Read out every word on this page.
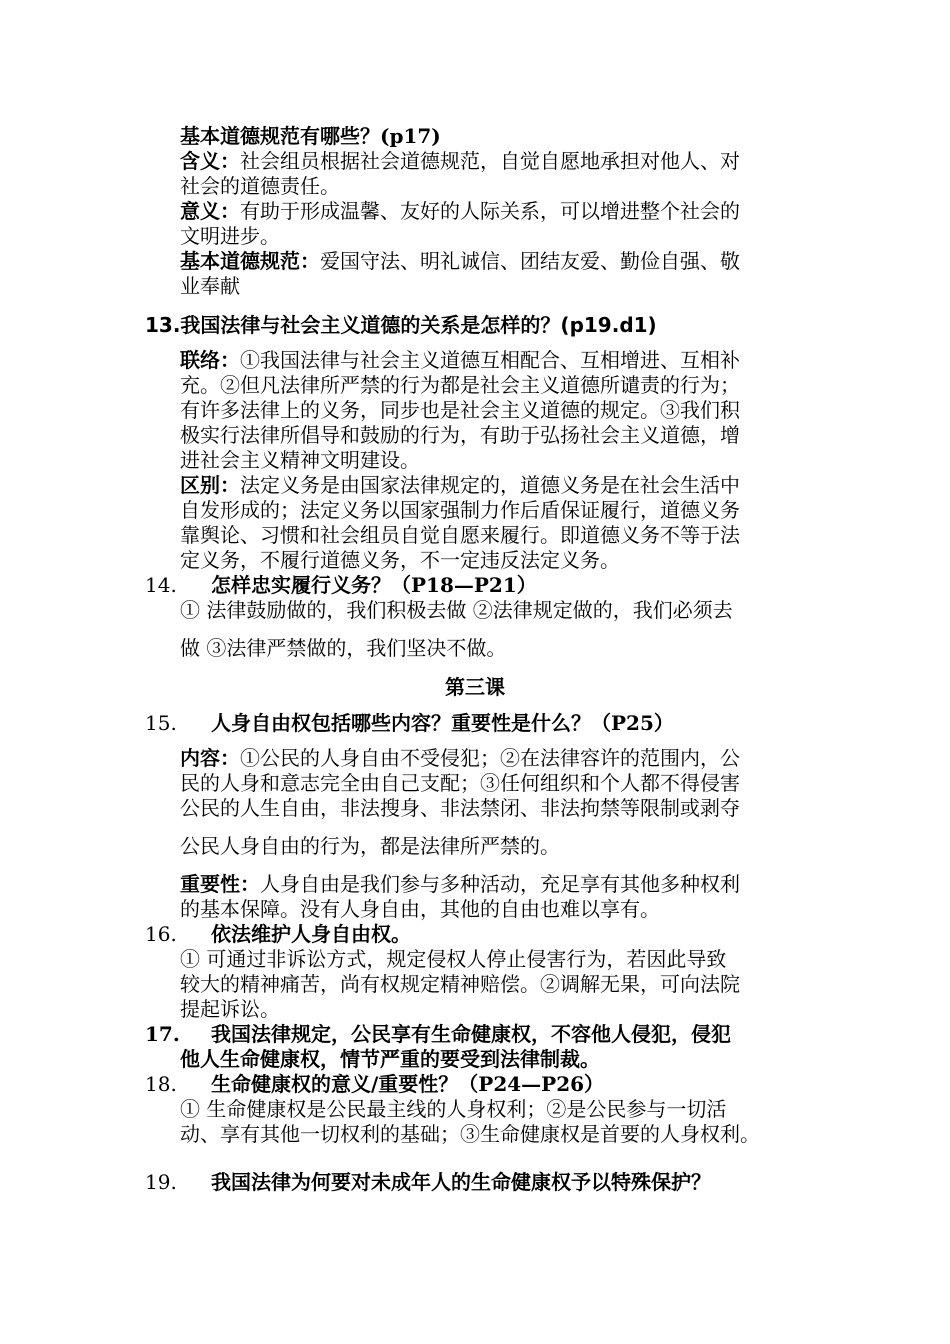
基本道德规范有哪些？(p17)
含义：社会组员根据社会道德规范，自觉自愿地承担对他人、对
社会的道德责任。
意义：有助于形成温馨、友好的人际关系，可以增进整个社会的
文明进步。
基本道德规范：爱国守法、明礼诚信、团结友爱、勤俭自强、敬
业奉献
13.我国法律与社会主义道德的关系是怎样的？(p19.d1)
联络：①我国法律与社会主义道德互相配合、互相增进、互相补
充。②但凡法律所严禁的行为都是社会主义道德所谴责的行为；
有许多法律上的义务，同步也是社会主义道德的规定。③我们积
极实行法律所倡导和鼓励的行为，有助于弘扬社会主义道德，增
进社会主义精神文明建设。
区别：法定义务是由国家法律规定的，道德义务是在社会生活中
自发形成的；法定义务以国家强制力作后盾保证履行，道德义务
靠舆论、习惯和社会组员自觉自愿来履行。即道德义务不等于法
定义务，不履行道德义务，不一定违反法定义务。
14. 怎样忠实履行义务？（P18—P21）
① 法律鼓励做的，我们积极去做 ②法律规定做的，我们必须去
做 ③法律严禁做的，我们坚决不做。
第三课
15. 人身自由权包括哪些内容？重要性是什么？（P25）
内容：①公民的人身自由不受侵犯；②在法律容许的范围内，公
民的人身和意志完全由自己支配；③任何组织和个人都不得侵害
公民的人生自由，非法搜身、非法禁闭、非法拘禁等限制或剥夺
公民人身自由的行为，都是法律所严禁的。
重要性：人身自由是我们参与多种活动，充足享有其他多种权利
的基本保障。没有人身自由，其他的自由也难以享有。
16. 依法维护人身自由权。
① 可通过非诉讼方式，规定侵权人停止侵害行为，若因此导致
较大的精神痛苦，尚有权规定精神赔偿。②调解无果，可向法院
提起诉讼。
17. 我国法律规定，公民享有生命健康权，不容他人侵犯，侵犯
他人生命健康权，情节严重的要受到法律制裁。
18. 生命健康权的意义/重要性？（P24—P26）
① 生命健康权是公民最主线的人身权利；②是公民参与一切活
动、享有其他一切权利的基础；③生命健康权是首要的人身权利。
19. 我国法律为何要对未成年人的生命健康权予以特殊保护？
